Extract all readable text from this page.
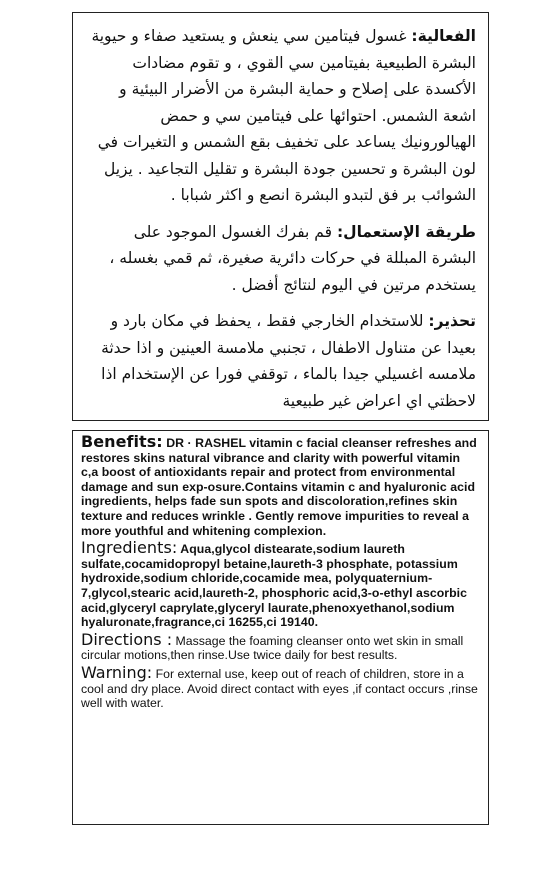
الفعالية: غسول فيتامين سي ينعش و يستعيد صفاء و حيوية البشرة الطبيعية بفيتامين سي القوي ، و تقوم مضادات الأكسدة على إصلاح و حماية البشرة من الأضرار البيئية و اشعة الشمس. احتوائها على فيتامين سي و حمض الهيالورونيك يساعد على تخفيف بقع الشمس و التغيرات في لون البشرة و تحسين جودة البشرة و تقليل التجاعيد . يزيل الشوائب بر فق لتبدو البشرة انصع و اكثر شبابا .

طريقة الإستعمال: قم بفرك الغسول الموجود على البشرة المبللة في حركات دائرية صغيرة، ثم قمي بغسله ، يستخدم مرتين في اليوم لنتائج أفضل .

تحذير: للاستخدام الخارجي فقط ، يحفظ في مكان بارد و بعيدا عن متناول الاطفال ، تجنبي ملامسة العينين و اذا حدثة ملامسه اغسيلي جيدا بالماء ، توقفي فورا عن الإستخدام اذا لاحظتي اي اعراض غير طبيعية

Benefits: DR · RASHEL vitamin c facial cleanser refreshes and restores skins natural vibrance and clarity with powerful vitamin c,a boost of antioxidants repair and protect from environmental damage and sun exp-osure.Contains vitamin c and hyaluronic acid ingredients, helps fade sun spots and discoloration,refines skin texture and reduces wrinkle . Gently remove impurities to reveal a more youthful and whitening complexion.

Ingredients: Aqua,glycol distearate,sodium laureth sulfate,cocamidopropyl betaine,laureth-3 phosphate, potassium hydroxide,sodium chloride,cocamide mea, polyquaternium-7,glycol,stearic acid,laureth-2, phosphoric acid,3-o-ethyl ascorbic acid,glyceryl caprylate,glyceryl laurate,phenoxyethanol,sodium hyaluronate,fragrance,ci 16255,ci 19140.

Directions : Massage the foaming cleanser onto wet skin in small circular motions,then rinse.Use twice daily for best results.

Warning: For external use, keep out of reach of children, store in a cool and dry place. Avoid direct contact with eyes ,if contact occurs ,rinse well with water.
